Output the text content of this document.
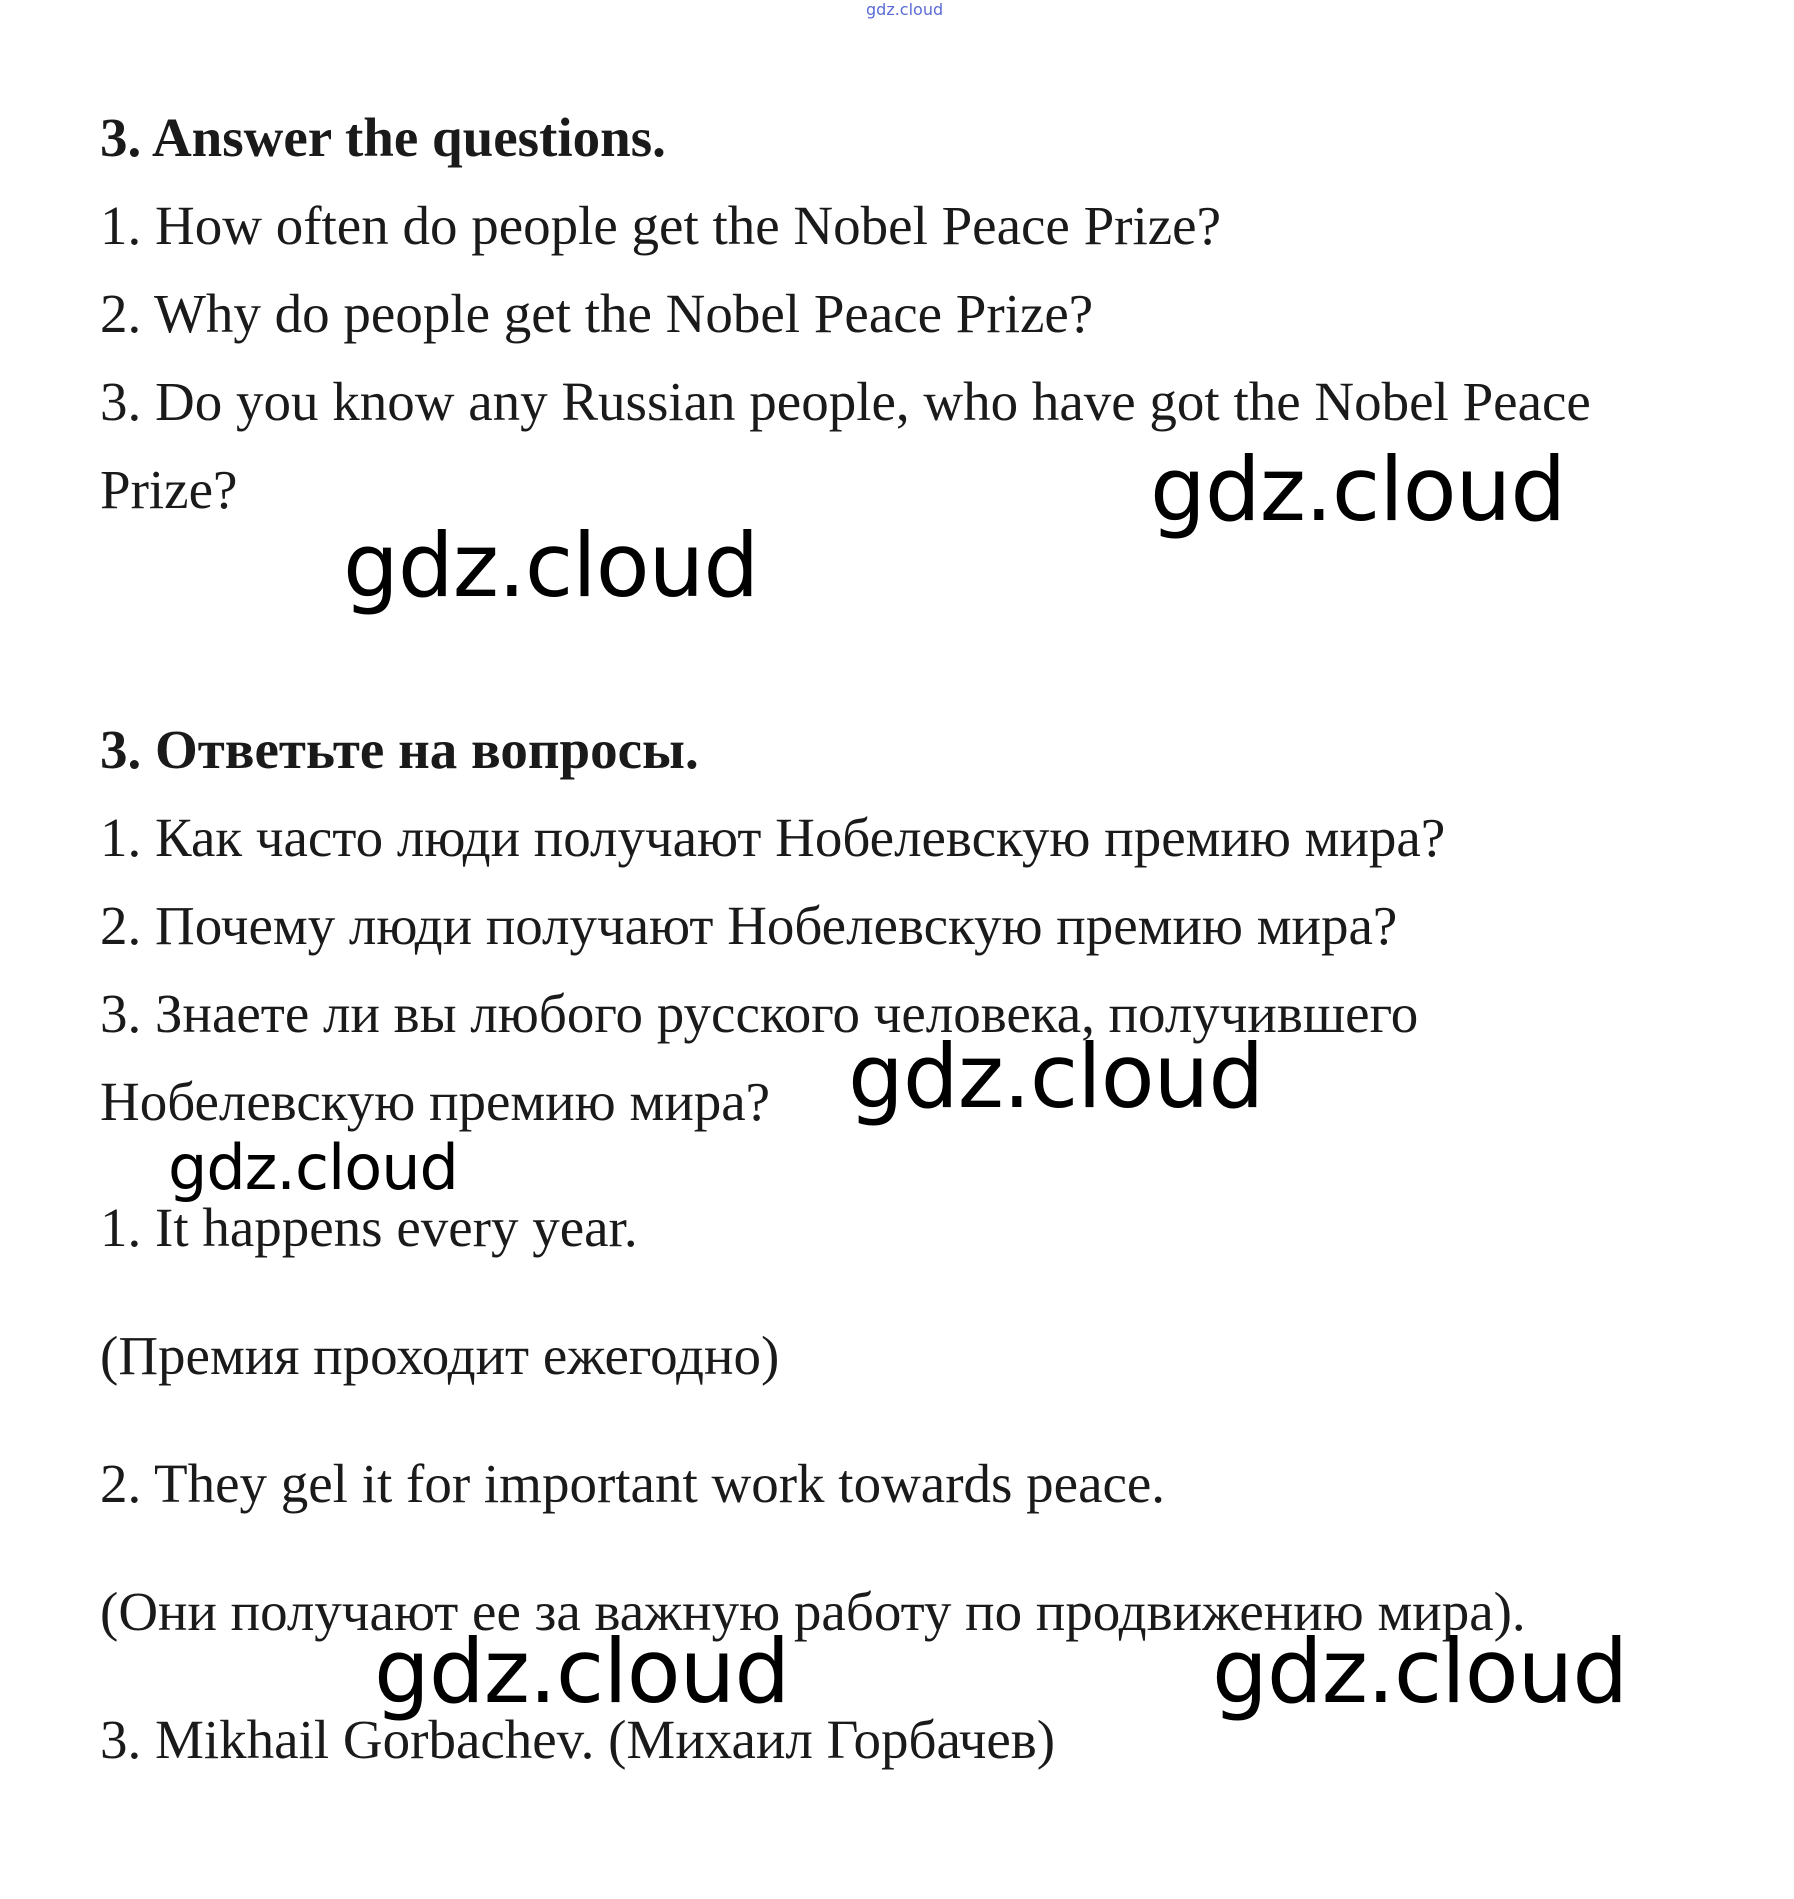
gdz.cloud
3. Answer the questions.
1. How often do people get the Nobel Peace Prize?
2. Why do people get the Nobel Peace Prize?
3. Do you know any Russian people, who have got the Nobel Peace
Prize?	gdz.cloud
gdz.cloud
3. Ответьте на вопросы.
1. Как часто люди получают Нобелевскую премию мира?
2. Почему люди получают Нобелевскую премию мира?
3. Знаете ли вы любого русского человека, получившего
Нобелевскую премию мира? gdz.cloud
gdz.cloud
1. It happens every year.
(Премия проходит ежегодно)
2. They gel it for important work towards peace.
(Они получают ее за важную работу по продвижению мира).
3. Mikhail Gorbachev. (Михаил Горбачев)
gdz.cloud	gdz.cloud
